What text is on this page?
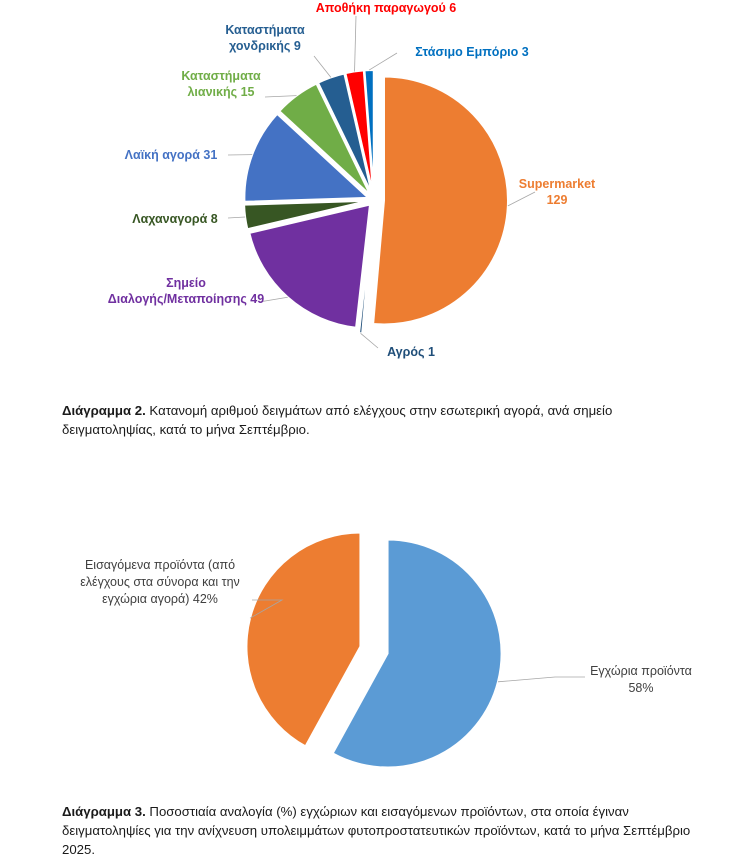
Supermarket 129
Αγρός 1
Σημείο Διαλογής/Μεταποίησης 49
Λαχαναγορά 8
Λαϊκή αγορά 31
Καταστήματα λιανικής 15
Καταστήματα χονδρικής 9
Αποθήκη παραγωγού 6
Στάσιμο Εμπόριο 3
Διάγραμμα 2. Κατανομή αριθμού δειγμάτων από ελέγχους στην εσωτερική αγορά, ανά σημείο δειγματοληψίας, κατά το μήνα Σεπτέμβριο.
Εγχώρια προϊόντα 58%
Εισαγόμενα προϊόντα (από ελέγχους στα σύνορα και την εγχώρια αγορά) 42%
Διάγραμμα 3. Ποσοστιαία αναλογία (%) εγχώριων και εισαγόμενων προϊόντων, στα οποία έγιναν δειγματοληψίες για την ανίχνευση υπολειμμάτων φυτοπροστατευτικών προϊόντων, κατά το μήνα Σεπτέμβριο 2025.
